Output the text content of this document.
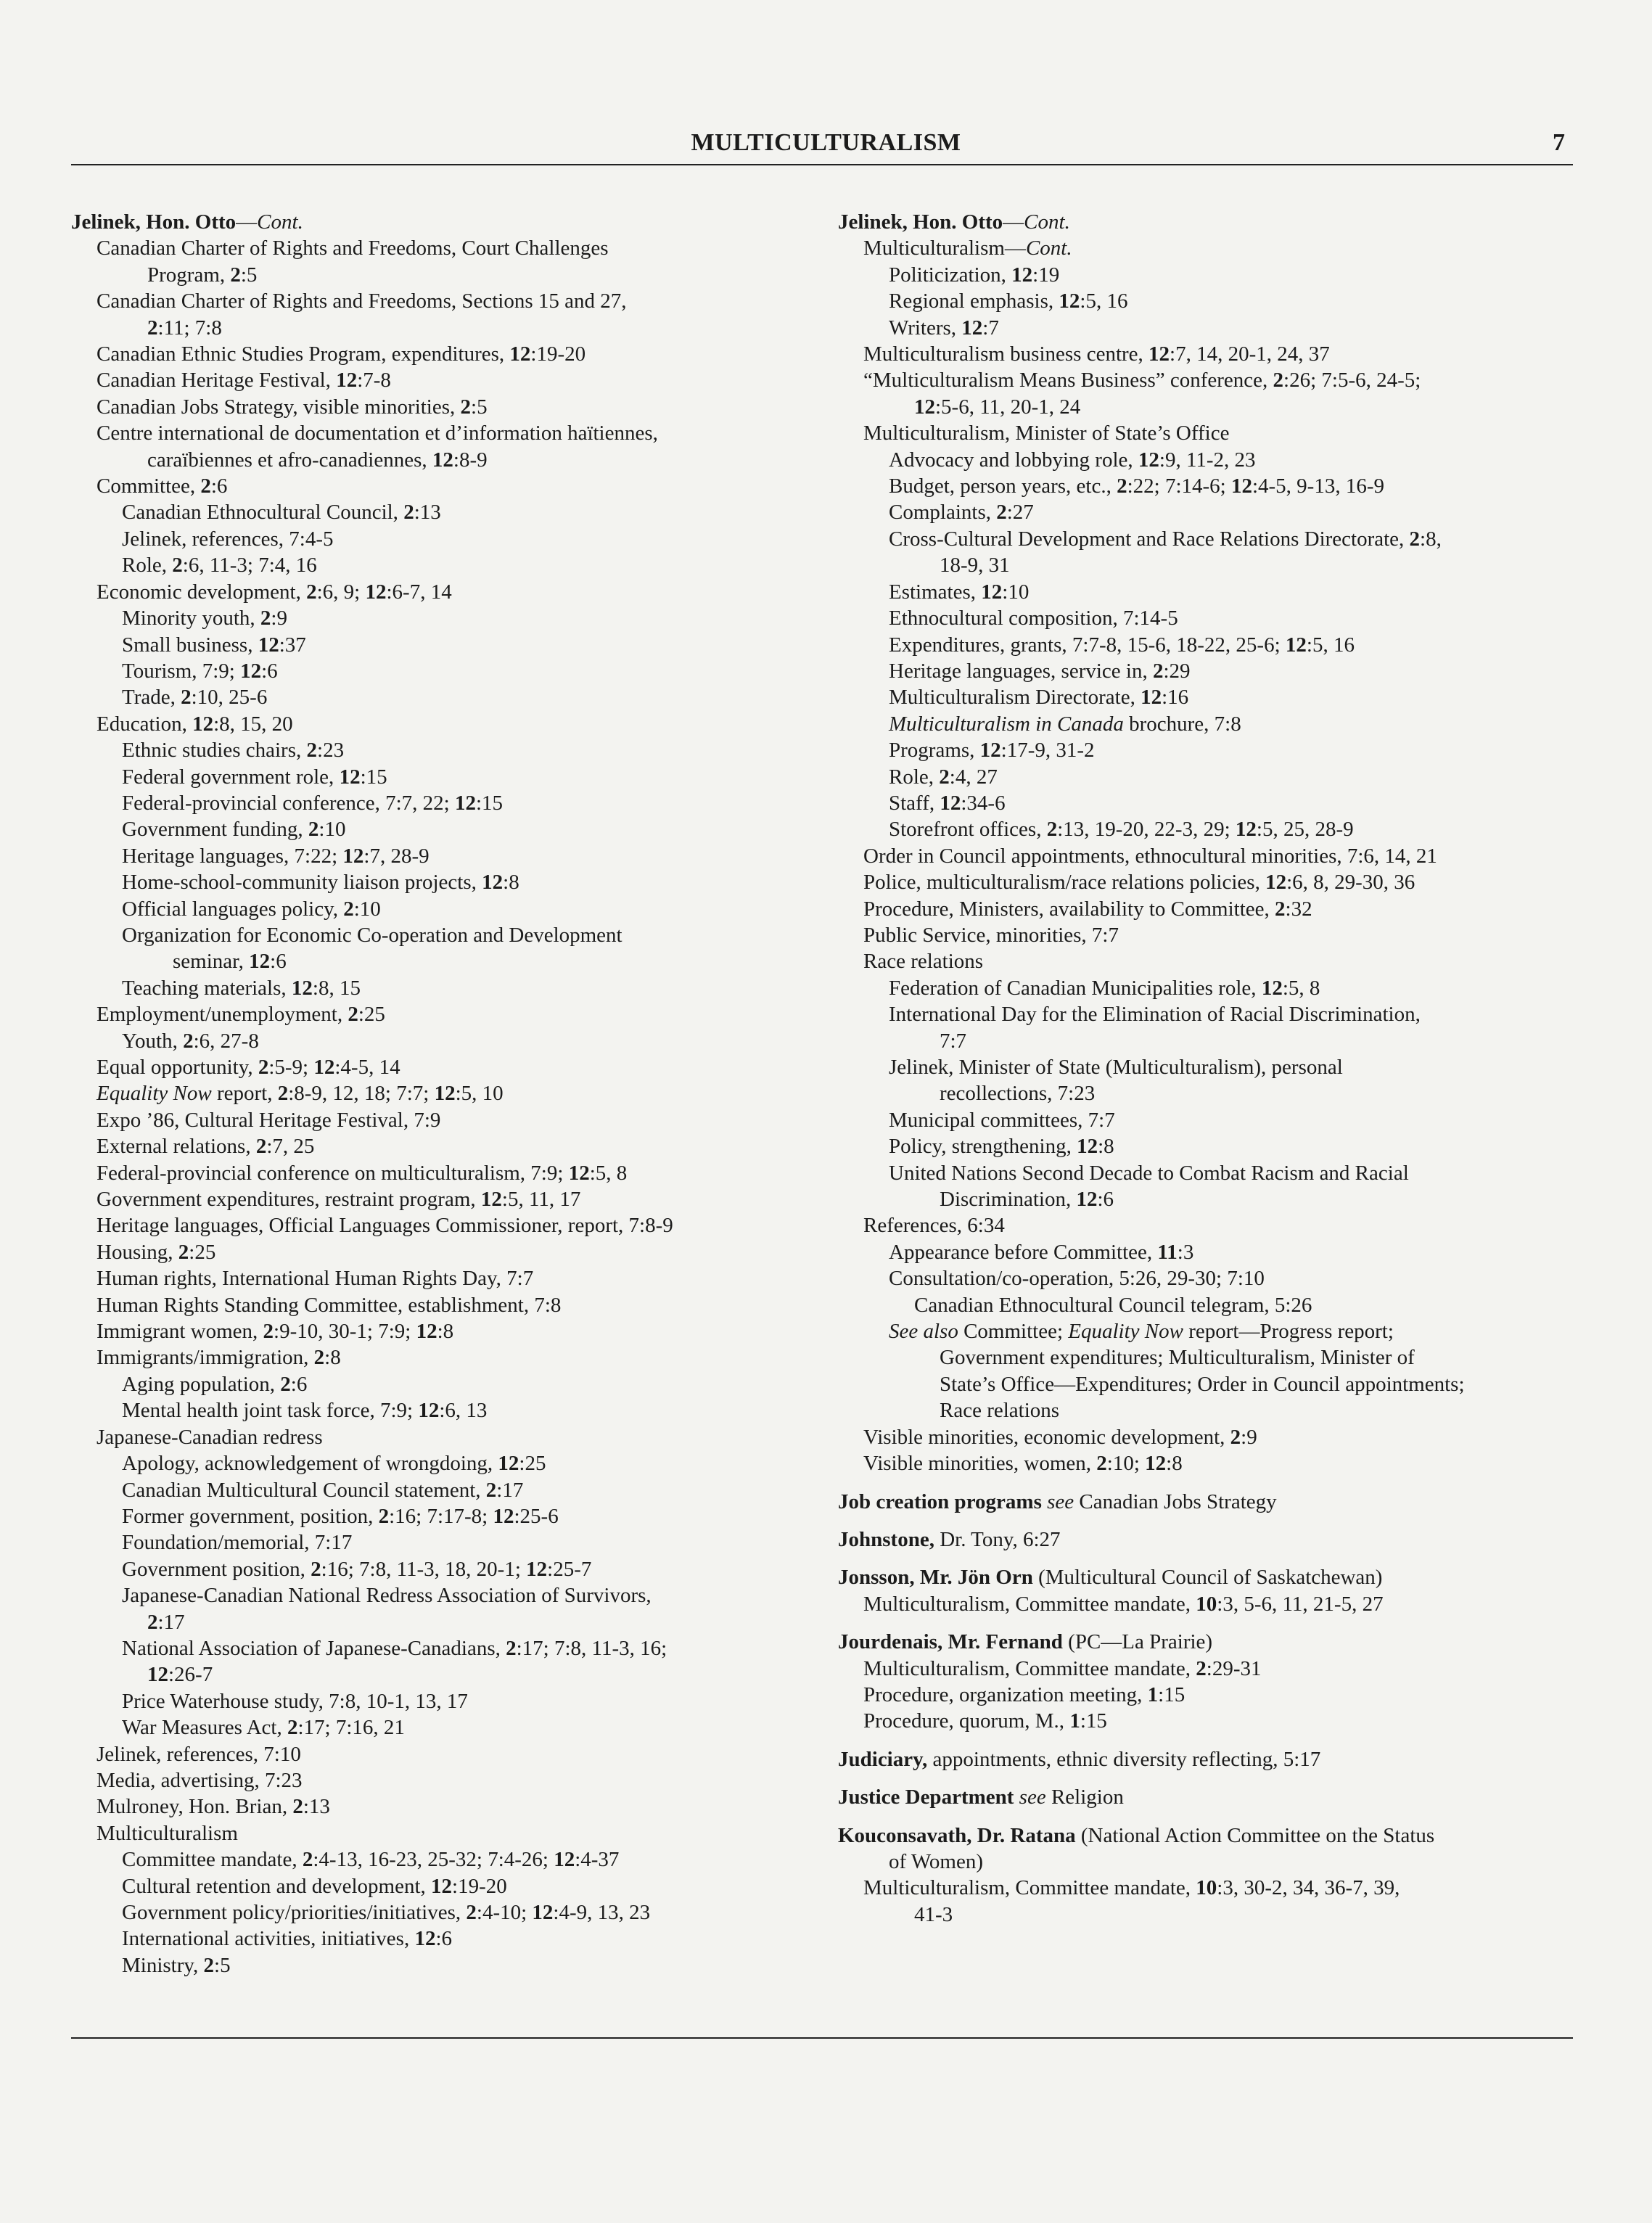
MULTICULTURALISM	7
Jelinek, Hon. Otto—Cont.
Canadian Charter of Rights and Freedoms, Court Challenges
Program, 2:5
Canadian Charter of Rights and Freedoms, Sections 15 and 27,
2:11; 7:8
Canadian Ethnic Studies Program, expenditures, 12:19-20
Canadian Heritage Festival, 12:7-8
Canadian Jobs Strategy, visible minorities, 2:5
Centre international de documentation et d’information haïtiennes,
caraïbiennes et afro-canadiennes, 12:8-9
Committee, 2:6
Canadian Ethnocultural Council, 2:13
Jelinek, references, 7:4-5
Role, 2:6, 11-3; 7:4, 16
Economic development, 2:6, 9; 12:6-7, 14
Minority youth, 2:9
Small business, 12:37
Tourism, 7:9; 12:6
Trade, 2:10, 25-6
Education, 12:8, 15, 20
Ethnic studies chairs, 2:23
Federal government role, 12:15
Federal-provincial conference, 7:7, 22; 12:15
Government funding, 2:10
Heritage languages, 7:22; 12:7, 28-9
Home-school-community liaison projects, 12:8
Official languages policy, 2:10
Organization for Economic Co-operation and Development
seminar, 12:6
Teaching materials, 12:8, 15
Employment/unemployment, 2:25
Youth, 2:6, 27-8
Equal opportunity, 2:5-9; 12:4-5, 14
Equality Now report, 2:8-9, 12, 18; 7:7; 12:5, 10
Expo ’86, Cultural Heritage Festival, 7:9
External relations, 2:7, 25
Federal-provincial conference on multiculturalism, 7:9; 12:5, 8
Government expenditures, restraint program, 12:5, 11, 17
Heritage languages, Official Languages Commissioner, report, 7:8-9
Housing, 2:25
Human rights, International Human Rights Day, 7:7
Human Rights Standing Committee, establishment, 7:8
Immigrant women, 2:9-10, 30-1; 7:9; 12:8
Immigrants/immigration, 2:8
Aging population, 2:6
Mental health joint task force, 7:9; 12:6, 13
Japanese-Canadian redress
Apology, acknowledgement of wrongdoing, 12:25
Canadian Multicultural Council statement, 2:17
Former government, position, 2:16; 7:17-8; 12:25-6
Foundation/memorial, 7:17
Government position, 2:16; 7:8, 11-3, 18, 20-1; 12:25-7
Japanese-Canadian National Redress Association of Survivors,
2:17
National Association of Japanese-Canadians, 2:17; 7:8, 11-3, 16;
12:26-7
Price Waterhouse study, 7:8, 10-1, 13, 17
War Measures Act, 2:17; 7:16, 21
Jelinek, references, 7:10
Media, advertising, 7:23
Mulroney, Hon. Brian, 2:13
Multiculturalism
Committee mandate, 2:4-13, 16-23, 25-32; 7:4-26; 12:4-37
Cultural retention and development, 12:19-20
Government policy/priorities/initiatives, 2:4-10; 12:4-9, 13, 23
International activities, initiatives, 12:6
Ministry, 2:5
Jelinek, Hon. Otto—Cont.
Multiculturalism—Cont.
Politicization, 12:19
Regional emphasis, 12:5, 16
Writers, 12:7
Multiculturalism business centre, 12:7, 14, 20-1, 24, 37
“Multiculturalism Means Business” conference, 2:26; 7:5-6, 24-5;
12:5-6, 11, 20-1, 24
Multiculturalism, Minister of State’s Office
Advocacy and lobbying role, 12:9, 11-2, 23
Budget, person years, etc., 2:22; 7:14-6; 12:4-5, 9-13, 16-9
Complaints, 2:27
Cross-Cultural Development and Race Relations Directorate, 2:8,
18-9, 31
Estimates, 12:10
Ethnocultural composition, 7:14-5
Expenditures, grants, 7:7-8, 15-6, 18-22, 25-6; 12:5, 16
Heritage languages, service in, 2:29
Multiculturalism Directorate, 12:16
Multiculturalism in Canada brochure, 7:8
Programs, 12:17-9, 31-2
Role, 2:4, 27
Staff, 12:34-6
Storefront offices, 2:13, 19-20, 22-3, 29; 12:5, 25, 28-9
Order in Council appointments, ethnocultural minorities, 7:6, 14, 21
Police, multiculturalism/race relations policies, 12:6, 8, 29-30, 36
Procedure, Ministers, availability to Committee, 2:32
Public Service, minorities, 7:7
Race relations
Federation of Canadian Municipalities role, 12:5, 8
International Day for the Elimination of Racial Discrimination,
7:7
Jelinek, Minister of State (Multiculturalism), personal
recollections, 7:23
Municipal committees, 7:7
Policy, strengthening, 12:8
United Nations Second Decade to Combat Racism and Racial
Discrimination, 12:6
References, 6:34
Appearance before Committee, 11:3
Consultation/co-operation, 5:26, 29-30; 7:10
Canadian Ethnocultural Council telegram, 5:26
See also Committee; Equality Now report—Progress report;
Government expenditures; Multiculturalism, Minister of
State’s Office—Expenditures; Order in Council appointments;
Race relations
Visible minorities, economic development, 2:9
Visible minorities, women, 2:10; 12:8
Job creation programs see Canadian Jobs Strategy
Johnstone, Dr. Tony, 6:27
Jonsson, Mr. Jön Orn (Multicultural Council of Saskatchewan)
Multiculturalism, Committee mandate, 10:3, 5-6, 11, 21-5, 27
Jourdenais, Mr. Fernand (PC—La Prairie)
Multiculturalism, Committee mandate, 2:29-31
Procedure, organization meeting, 1:15
Procedure, quorum, M., 1:15
Judiciary, appointments, ethnic diversity reflecting, 5:17
Justice Department see Religion
Kouconsavath, Dr. Ratana (National Action Committee on the Status
of Women)
Multiculturalism, Committee mandate, 10:3, 30-2, 34, 36-7, 39,
41-3
